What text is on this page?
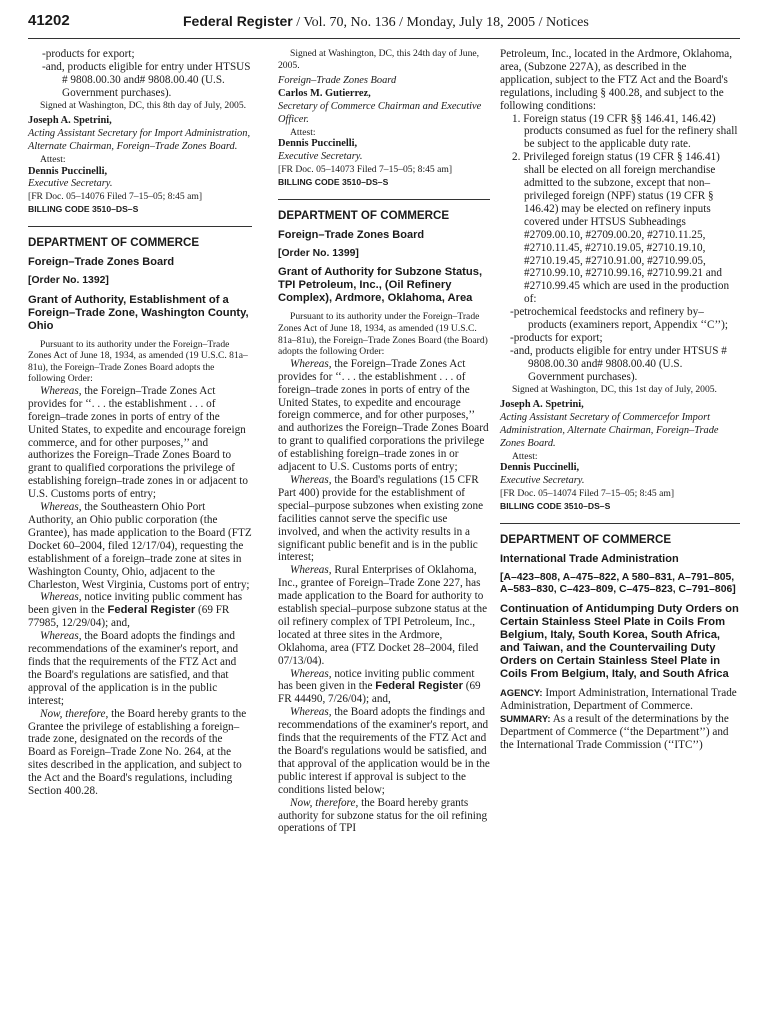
41202	Federal Register / Vol. 70, No. 136 / Monday, July 18, 2005 / Notices

-products for export;

-and, products eligible for entry under HTSUS # 9808.00.30 and# 9808.00.40 (U.S. Government purchases).

Signed at Washington, DC, this 8th day of July, 2005.

Joseph A. Spetrini,

Acting Assistant Secretary for Import Administration, Alternate Chairman, Foreign–Trade Zones Board.

Attest:

Dennis Puccinelli,

Executive Secretary.

[FR Doc. 05–14076 Filed 7–15–05; 8:45 am]

BILLING CODE 3510–DS–S

DEPARTMENT OF COMMERCE

Foreign–Trade Zones Board

[Order No. 1392]

Grant of Authority, Establishment of a Foreign–Trade Zone, Washington County, Ohio

Pursuant to its authority under the Foreign–Trade Zones Act of June 18, 1934, as amended (19 U.S.C. 81a–81u), the Foreign–Trade Zones Board adopts the following Order:

Whereas, the Foreign–Trade Zones Act provides for ‘‘. . . the establishment . . . of foreign–trade zones in ports of entry of the United States, to expedite and encourage foreign commerce, and for other purposes,’’ and authorizes the Foreign–Trade Zones Board to grant to qualified corporations the privilege of establishing foreign–trade zones in or adjacent to U.S. Customs ports of entry;

Whereas, the Southeastern Ohio Port Authority, an Ohio public corporation (the Grantee), has made application to the Board (FTZ Docket 60–2004, filed 12/17/04), requesting the establishment of a foreign–trade zone at sites in Washington County, Ohio, adjacent to the Charleston, West Virginia, Customs port of entry;

Whereas, notice inviting public comment has been given in the Federal Register (69 FR 77985, 12/29/04); and,

Whereas, the Board adopts the findings and recommendations of the examiner's report, and finds that the requirements of the FTZ Act and the Board's regulations are satisfied, and that approval of the application is in the public interest;

Now, therefore, the Board hereby grants to the Grantee the privilege of establishing a foreign–trade zone, designated on the records of the Board as Foreign–Trade Zone No. 264, at the sites described in the application, and subject to the Act and the Board's regulations, including Section 400.28.

Signed at Washington, DC, this 24th day of June, 2005.

Foreign–Trade Zones Board

Carlos M. Gutierrez,

Secretary of Commerce Chairman and Executive Officer.

Attest:

Dennis Puccinelli,

Executive Secretary.

[FR Doc. 05–14073 Filed 7–15–05; 8:45 am]

BILLING CODE 3510–DS–S

DEPARTMENT OF COMMERCE

Foreign–Trade Zones Board

[Order No. 1399]

Grant of Authority for Subzone Status, TPI Petroleum, Inc., (Oil Refinery Complex), Ardmore, Oklahoma, Area

Pursuant to its authority under the Foreign–Trade Zones Act of June 18, 1934, as amended (19 U.S.C. 81a–81u), the Foreign–Trade Zones Board (the Board) adopts the following Order:

Whereas, the Foreign–Trade Zones Act provides for ‘‘. . . the establishment . . . of foreign–trade zones in ports of entry of the United States, to expedite and encourage foreign commerce, and for other purposes,’’ and authorizes the Foreign–Trade Zones Board to grant to qualified corporations the privilege of establishing foreign–trade zones in or adjacent to U.S. Customs ports of entry;

Whereas, the Board's regulations (15 CFR Part 400) provide for the establishment of special–purpose subzones when existing zone facilities cannot serve the specific use involved, and when the activity results in a significant public benefit and is in the public interest;

Whereas, Rural Enterprises of Oklahoma, Inc., grantee of Foreign–Trade Zone 227, has made application to the Board for authority to establish special–purpose subzone status at the oil refinery complex of TPI Petroleum, Inc., located at three sites in the Ardmore, Oklahoma, area (FTZ Docket 28–2004, filed 07/13/04).

Whereas, notice inviting public comment has been given in the Federal Register (69 FR 44490, 7/26/04); and,

Whereas, the Board adopts the findings and recommendations of the examiner's report, and finds that the requirements of the FTZ Act and the Board's regulations would be satisfied, and that approval of the application would be in the public interest if approval is subject to the conditions listed below;

Now, therefore, the Board hereby grants authority for subzone status for the oil refining operations of TPI

Petroleum, Inc., located in the Ardmore, Oklahoma, area, (Subzone 227A), as described in the application, subject to the FTZ Act and the Board's regulations, including § 400.28, and subject to the following conditions:

1. Foreign status (19 CFR §§ 146.41, 146.42) products consumed as fuel for the refinery shall be subject to the applicable duty rate.

2. Privileged foreign status (19 CFR § 146.41) shall be elected on all foreign merchandise admitted to the subzone, except that non–privileged foreign (NPF) status (19 CFR § 146.42) may be elected on refinery inputs covered under HTSUS Subheadings #2709.00.10, #2709.00.20, #2710.11.25, #2710.11.45, #2710.19.05, #2710.19.10, #2710.19.45, #2710.91.00, #2710.99.05, #2710.99.10, #2710.99.16, #2710.99.21 and #2710.99.45 which are used in the production of:

-petrochemical feedstocks and refinery by–products (examiners report, Appendix ‘‘C’’);

-products for export;

-and, products eligible for entry under HTSUS # 9808.00.30 and# 9808.00.40 (U.S. Government purchases).

Signed at Washington, DC, this 1st day of July, 2005.

Joseph A. Spetrini,

Acting Assistant Secretary of Commercefor Import Administration, Alternate Chairman, Foreign–Trade Zones Board.

Attest:

Dennis Puccinelli,

Executive Secretary.

[FR Doc. 05–14074 Filed 7–15–05; 8:45 am]

BILLING CODE 3510–DS–S

DEPARTMENT OF COMMERCE

International Trade Administration

[A–423–808, A–475–822, A 580–831, A–791–805, A–583–830, C–423–809, C–475–823, C–791–806]

Continuation of Antidumping Duty Orders on Certain Stainless Steel Plate in Coils From Belgium, Italy, South Korea, South Africa, and Taiwan, and the Countervailing Duty Orders on Certain Stainless Steel Plate in Coils From Belgium, Italy, and South Africa

AGENCY: Import Administration, International Trade Administration, Department of Commerce.

SUMMARY: As a result of the determinations by the Department of Commerce (‘‘the Department’’) and the International Trade Commission (‘‘ITC’’)
